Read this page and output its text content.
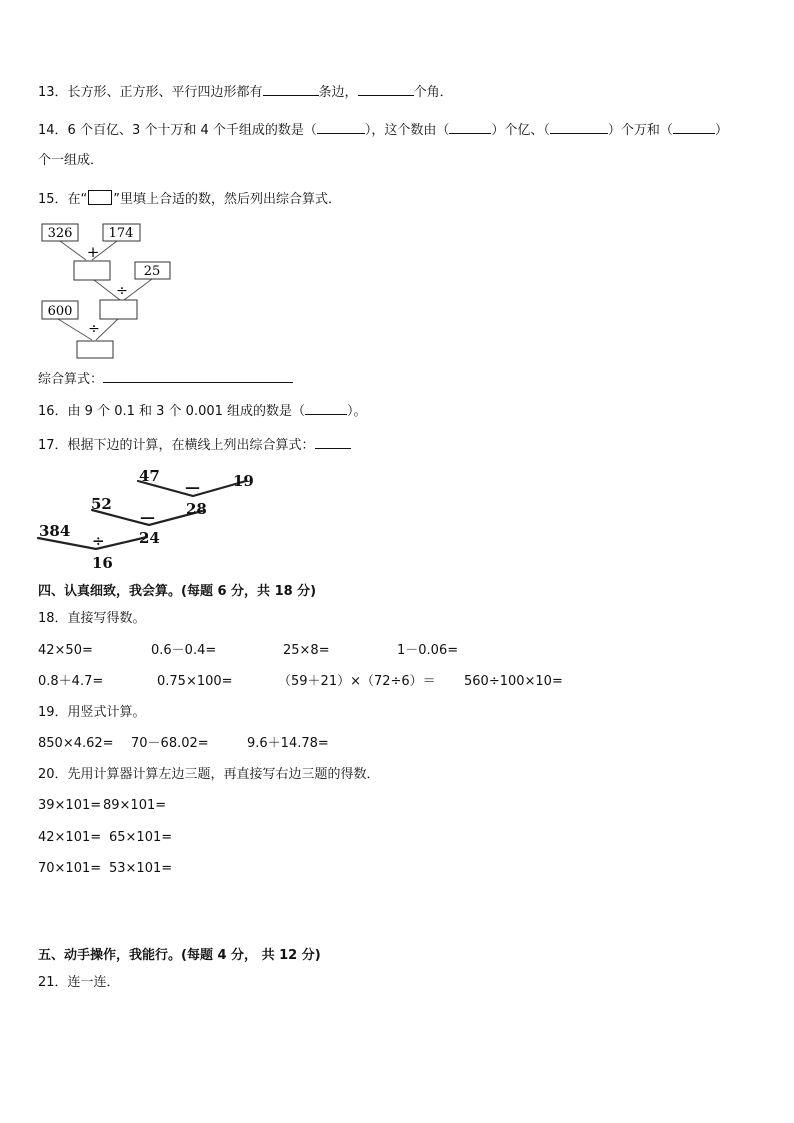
13．长方形、正方形、平行四边形都有	条边，	个角．
14．6 个百亿、3 个十万和 4 个千组成的数是（	），这个数由（	）个亿、（	）个万和（	）
个一组成．
15．在“ ”里填上合适的数，然后列出综合算式．
326	174
+
25
÷
600
÷
综合算式：
16．由 9 个 0.1 和 3 个 0.001 组成的数是（	）。
17．根据下边的计算，在横线上列出综合算式：
47
— 19
52	28
—
384
÷ 24
16
四、认真细致，我会算。(每题 6 分，共 18 分)
18．直接写得数。
42×50=	0.6－0.4=	25×8=	1－0.06=
0.8＋4.7=	0.75×100=	（59＋21）×（72÷6）＝ 560÷100×10=
19．用竖式计算。
850×4.62= 70－68.02=	9.6＋14.78=
20．先用计算器计算左边三题，再直接写右边三题的得数．
39×101= 89×101=
42×101= 65×101=
70×101= 53×101=
五、动手操作，我能行。(每题 4 分， 共 12 分)
21．连一连．
